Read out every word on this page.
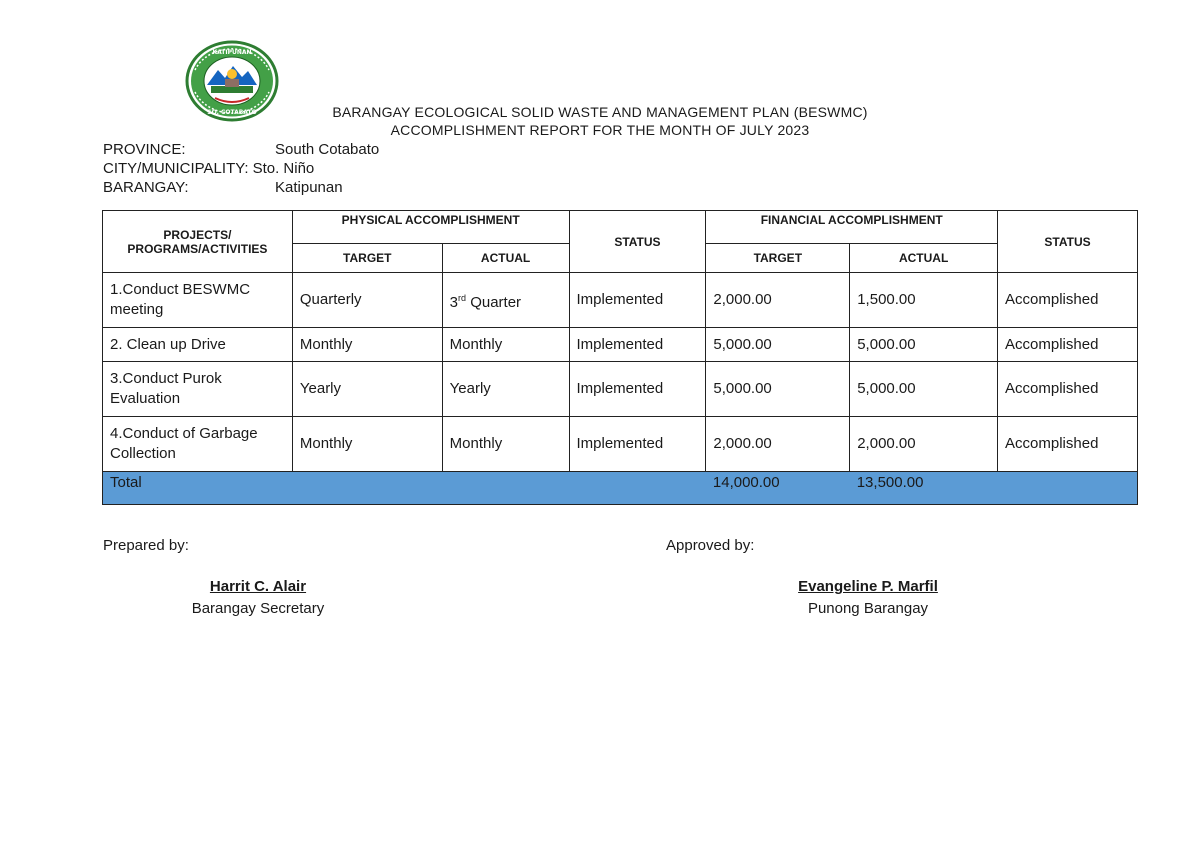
KATIPUNAN
SO. COTABATO	BARANGAY ECOLOGICAL SOLID WASTE AND MANAGEMENT PLAN (BESWMC)
ACCOMPLISHMENT REPORT FOR THE MONTH OF JULY 2023
PROVINCE:	South Cotabato
CITY/MUNICIPALITY: Sto. Niño
BARANGAY:	Katipunan
PROJECTS/ PROGRAMS/ACTIVITIES	PHYSICAL ACCOMPLISHMENT		STATUS	FINANCIAL ACCOMPLISHMENT		STATUS
	TARGET	ACTUAL		TARGET	ACTUAL	
1.Conduct BESWMC meeting	Quarterly	3rd Quarter	Implemented	2,000.00	1,500.00	Accomplished
2. Clean up Drive	Monthly	Monthly	Implemented	5,000.00	5,000.00	Accomplished
3.Conduct Purok Evaluation	Yearly	Yearly	Implemented	5,000.00	5,000.00	Accomplished
4.Conduct of Garbage Collection	Monthly	Monthly	Implemented	2,000.00	2,000.00	Accomplished
Total				14,000.00	13,500.00	
Prepared by:	Approved by:
Harrit C. Alair
Barangay Secretary
Evangeline P. Marfil
Punong Barangay
